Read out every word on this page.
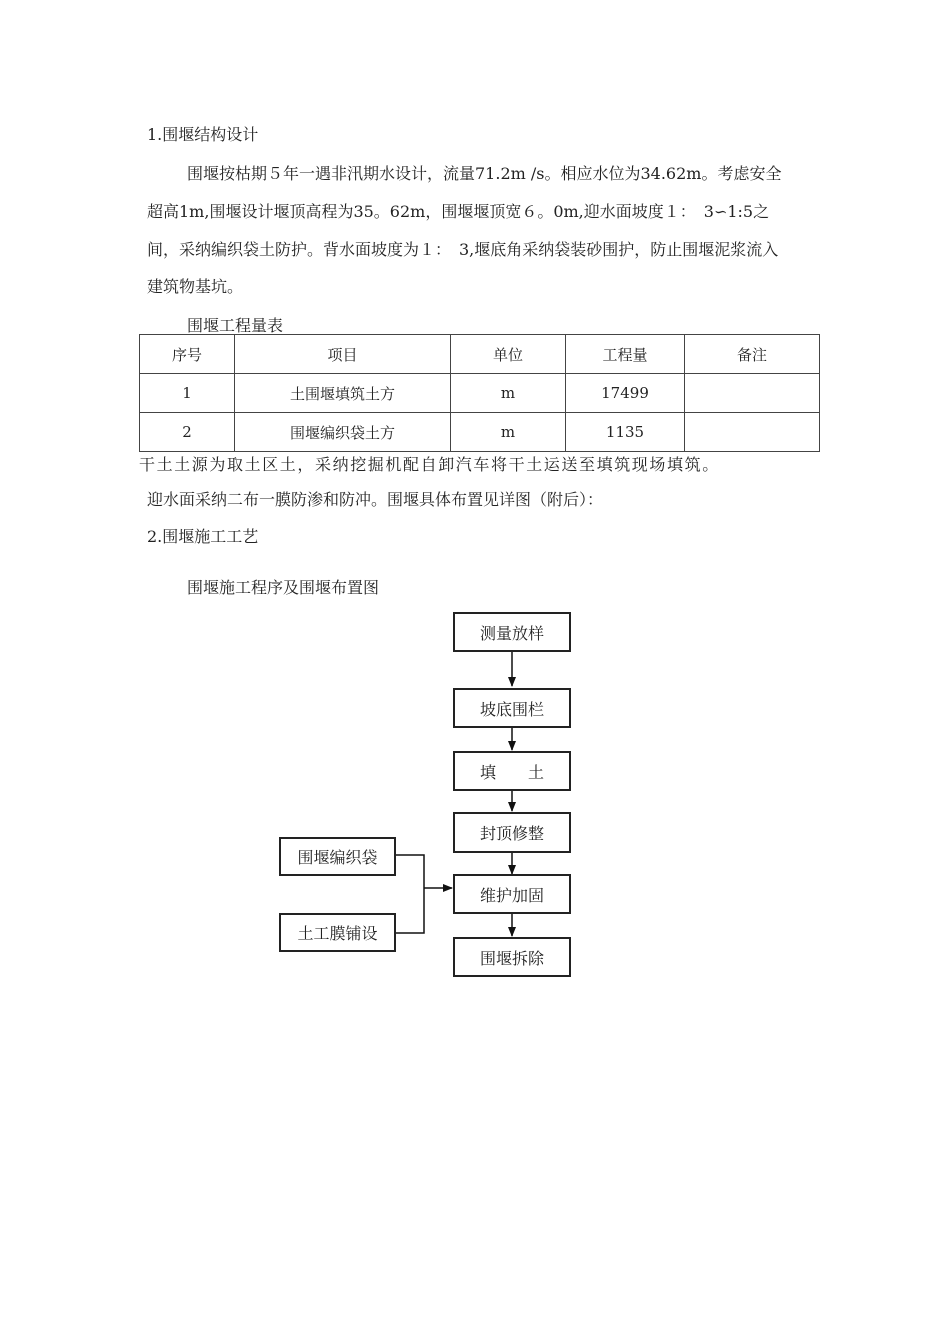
1.围堰结构设计
围堰按枯期５年一遇非汛期水设计，流量71.2m /s。相应水位为34.62m。考虑安全
超高1m,围堰设计堰顶高程为35。62m，围堰堰顶宽６。0m,迎水面坡度１：　3∽1:5之
间，采纳编织袋土防护。背水面坡度为１：　3,堰底角采纳袋装砂围护，防止围堰泥浆流入
建筑物基坑。
围堰工程量表
序号	项目	单位	工程量	备注
1	土围堰填筑土方	m	17499	
2	围堰编织袋土方	m	1135	
干土土源为取土区土，采纳挖掘机配自卸汽车将干土运送至填筑现场填筑。
迎水面采纳二布一膜防渗和防冲。围堰具体布置见详图（附后）：
2.围堰施工工艺
围堰施工程序及围堰布置图
测量放样
坡底围栏
填　　土
封顶修整
维护加固
围堰拆除
围堰编织袋
土工膜铺设
